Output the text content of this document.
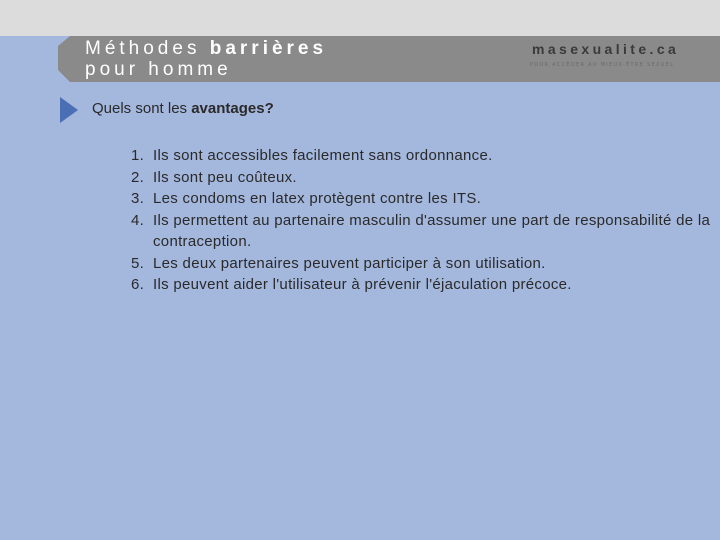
Méthodes barrières
pour homme
masexualite.ca
POUR ACCÉDER AU MIEUX-ÊTRE SEXUEL
Quels sont les avantages?
1. Ils sont accessibles facilement sans ordonnance.
2. Ils sont peu coûteux.
3. Les condoms en latex protègent contre les ITS.
4. Ils permettent au partenaire masculin d'assumer une part de responsabilité de la contraception.
5. Les deux partenaires peuvent participer à son utilisation.
6. Ils peuvent aider l'utilisateur à prévenir l'éjaculation précoce.
